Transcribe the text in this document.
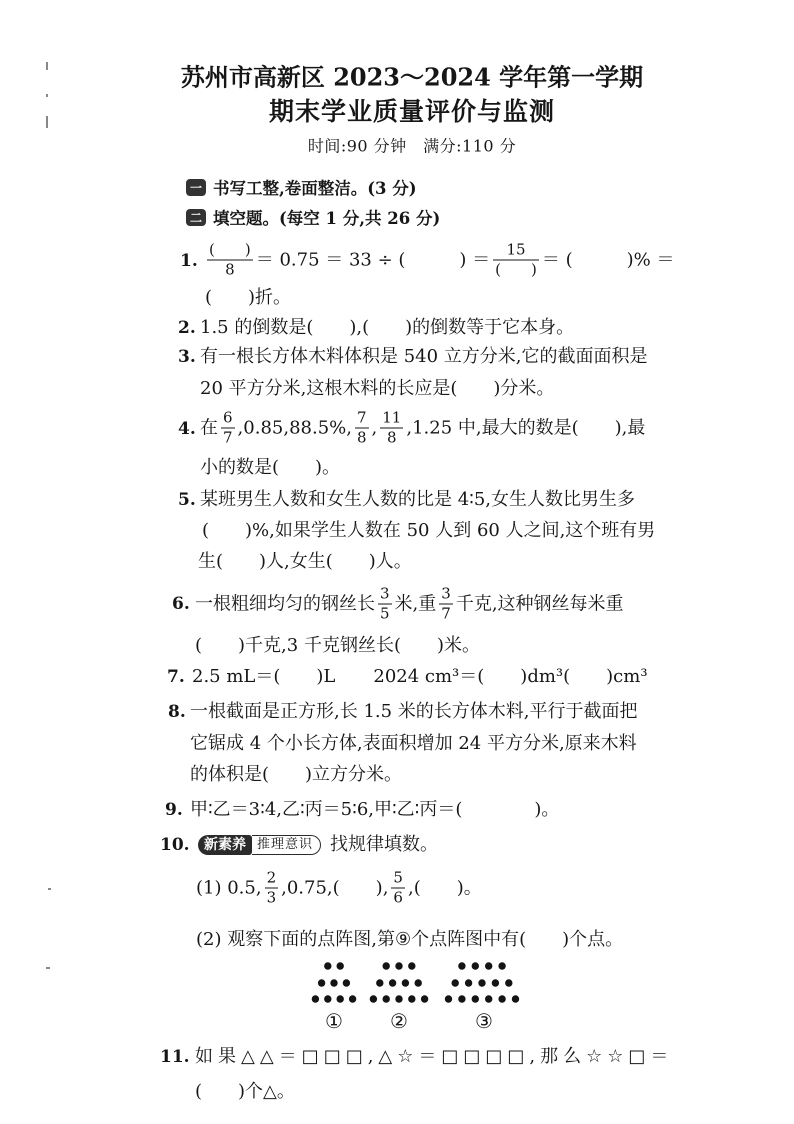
苏州市高新区 2023～2024 学年第一学期
期末学业质量评价与监测
时间:90 分钟　满分:110 分
一 书写工整,卷面整洁。(3 分)
二 填空题。(每空 1 分,共 26 分)
1. $\frac{( )}{8} = 0.75 = 33$ ÷ (　　　) ＝ $\frac{15}{( )}$ ＝ (　　　)% ＝
(　　)折。
2. 1.5 的倒数是(　　),(　　)的倒数等于它本身。
3. 有一根长方体木料体积是 540 立方分米,它的截面面积是
20 平方分米,这根木料的长应是(　　)分米。
4. 在 $\frac{6}{7} ,0.85,88.5\%$, $\frac{7}{8}$ , $\frac{11}{8} ,1.25$ 中,最大的数是(　　),最
小的数是(　　)。
5. 某班男生人数和女生人数的比是 4∶5,女生人数比男生多
(　　)%,如果学生人数在 50 人到 60 人之间,这个班有男
生(　　)人,女生(　　)人。
6. 一根粗细均匀的钢丝长 $\frac{3}{5}$ 米,重 $\frac{3}{7}$ 千克,这种钢丝每米重
(　　)千克,3 千克钢丝长(　　)米。
7. 2.5 mL＝(　　)L 2024 cm³＝(　　)dm³(　　)cm³
8. 一根截面是正方形,长 1.5 米的长方体木料,平行于截面把
它锯成 4 个小长方体,表面积增加 24 平方分米,原来木料
的体积是(　　)立方分米。
9. 甲∶乙＝3∶4,乙∶丙＝5∶6,甲∶乙∶丙＝(　　　　)。
10.	新素养 推理意识 找规律填数。
(1) 0.5, $\frac{2}{3} ,0.75$,(　　), $\frac{5}{6}$ ,(　　)。
(2) 观察下面的点阵图,第⑨个点阵图中有(　　)个点。
①	②	③
11. 如果△△＝□□□,△☆＝□□□□,那么☆☆□＝
(　　)个△。
